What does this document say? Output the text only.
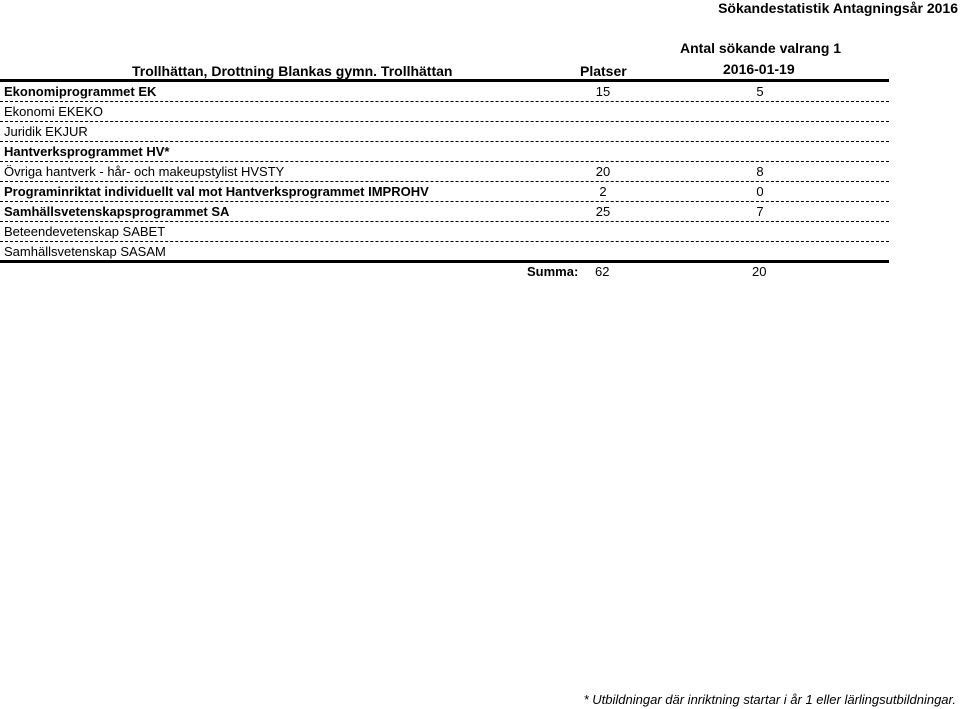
Sökandestatistik Antagningsår 2016
Antal sökande valrang 1
Trollhättan, Drottning Blankas gymn. Trollhättan	Platser	2016-01-19
Ekonomiprogrammet EK	15	5
Ekonomi EKEKO
Juridik EKJUR
Hantverksprogrammet HV*
Övriga hantverk - hår- och makeupstylist HVSTY	20	8
Programinriktat individuellt val mot Hantverksprogrammet IMPROHV	2	0
Samhällsvetenskapsprogrammet SA	25	7
Beteendevetenskap SABET
Samhällsvetenskap SASAM
Summa: 62	20
* Utbildningar där inriktning startar i år 1 eller lärlingsutbildningar.
